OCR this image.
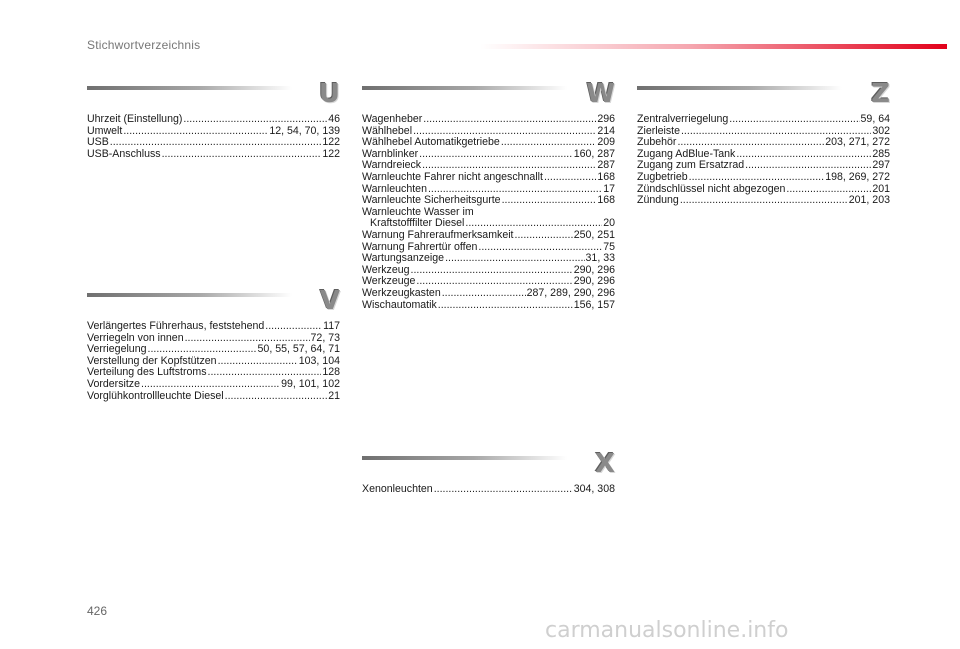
Stichwortverzeichnis
U
Uhrzeit (Einstellung) .....	46
Umwelt .....	12, 54, 70, 139
USB .....	122
USB-Anschluss .....	122
V
Verlängertes Führerhaus, feststehend .....	117
Verriegeln von innen .....	72, 73
Verriegelung .....	50, 55, 57, 64, 71
Verstellung der Kopfstützen .....	103, 104
Verteilung des Luftstroms .....	128
Vordersitze .....	99, 101, 102
Vorglühkontrollleuchte Diesel .....	21
W
Wagenheber .....	296
Wählhebel .....	214
Wählhebel Automatikgetriebe .....	209
Warnblinker .....	160, 287
Warndreieck .....	287
Warnleuchte Fahrer nicht angeschnallt .....	168
Warnleuchten .....	17
Warnleuchte Sicherheitsgurte .....	168
Warnleuchte Wasser im
Kraftstofffilter Diesel .....	20
Warnung Fahreraufmerksamkeit .....	250, 251
Warnung Fahrertür offen .....	75
Wartungsanzeige .....	31, 33
Werkzeug .....	290, 296
Werkzeuge .....	290, 296
Werkzeugkasten .....	287, 289, 290, 296
Wischautomatik .....	156, 157
X
Xenonleuchten .....	304, 308
Z
Zentralverriegelung .....	59, 64
Zierleiste .....	302
Zubehör .....	203, 271, 272
Zugang AdBlue-Tank .....	285
Zugang zum Ersatzrad .....	297
Zugbetrieb .....	198, 269, 272
Zündschlüssel nicht abgezogen .....	201
Zündung .....	201, 203
426
carmanualsonline.info
